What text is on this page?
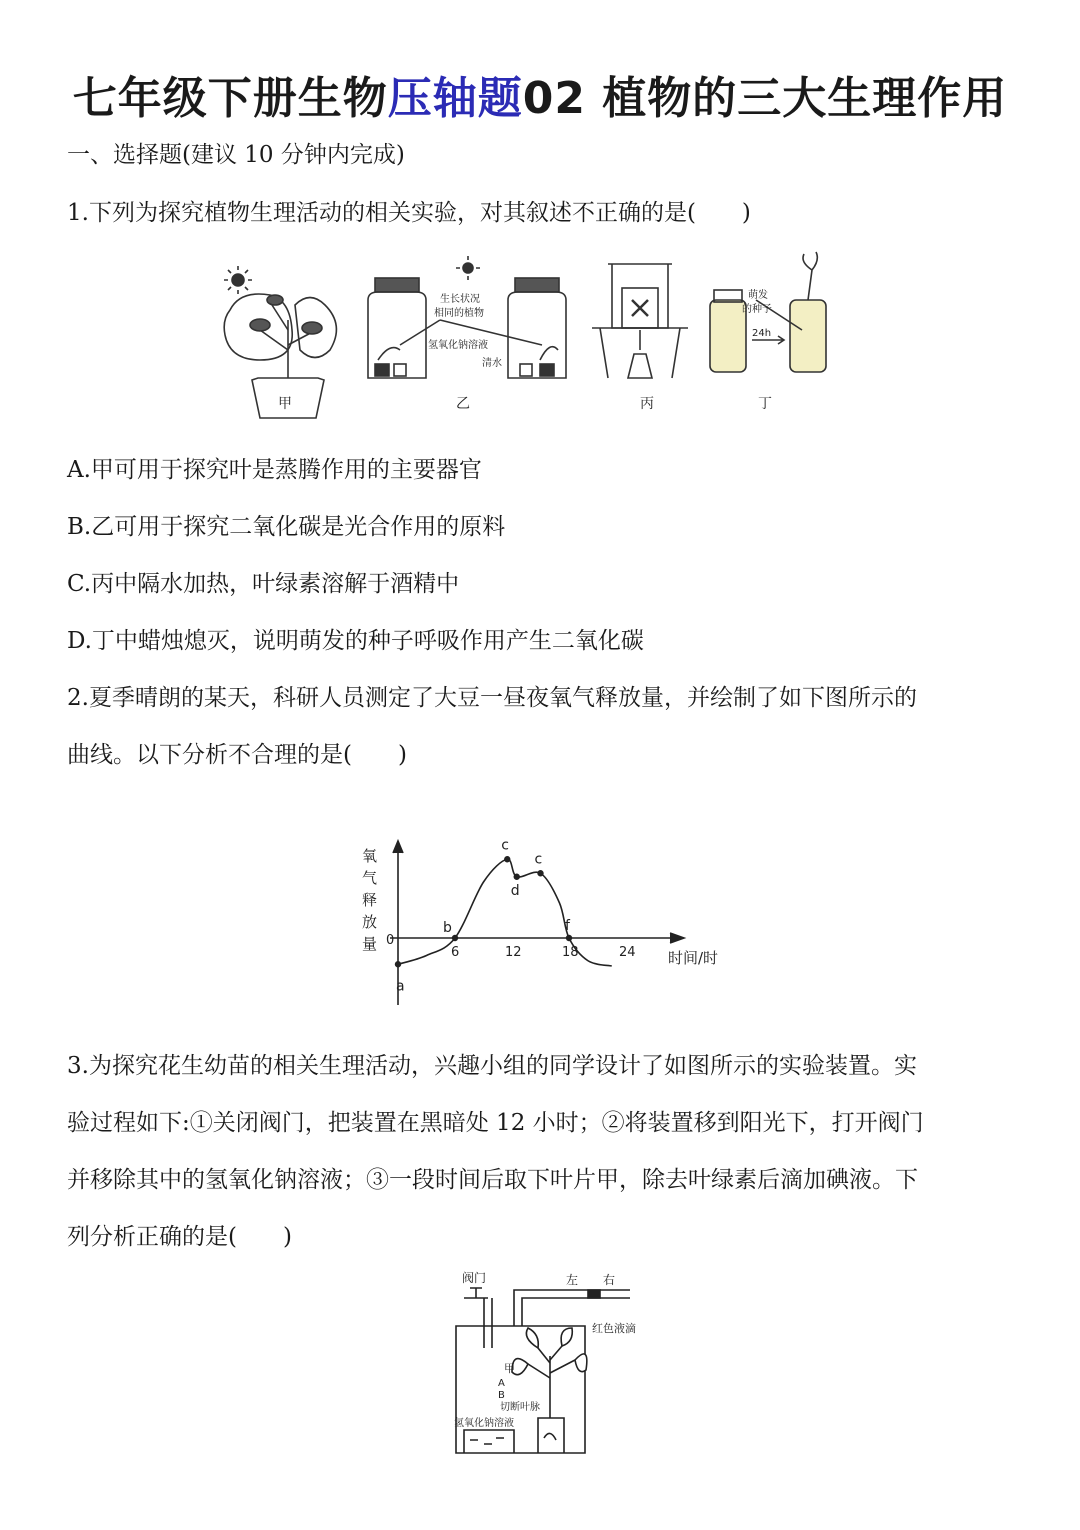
七年级下册生物压轴题02 植物的三大生理作用
一、选择题(建议 10 分钟内完成)
1.下列为探究植物生理活动的相关实验，对其叙述不正确的是(　　)
甲
生长状况
相同的植物
氢氧化钠溶液
清水
乙	丙
萌发
的种子
24h
丁
A.甲可用于探究叶是蒸腾作用的主要器官
B.乙可用于探究二氧化碳是光合作用的原料
C.丙中隔水加热，叶绿素溶解于酒精中
D.丁中蜡烛熄灭，说明萌发的种子呼吸作用产生二氧化碳
2.夏季晴朗的某天，科研人员测定了大豆一昼夜氧气释放量，并绘制了如下图所示的
曲线。以下分析不合理的是(　　)
氧
气
释
放
量 0
时间/时
6	12	18	24
a
b
c
d
c
f
3.为探究花生幼苗的相关生理活动，兴趣小组的同学设计了如图所示的实验装置。实
验过程如下:①关闭阀门，把装置在黑暗处 12 小时；②将装置移到阳光下，打开阀门
并移除其中的氢氧化钠溶液；③一段时间后取下叶片甲，除去叶绿素后滴加碘液。下
列分析正确的是(　　)
阀门	左 右
红色液滴
甲
A
B
切断叶脉
氢氧化钠溶液
